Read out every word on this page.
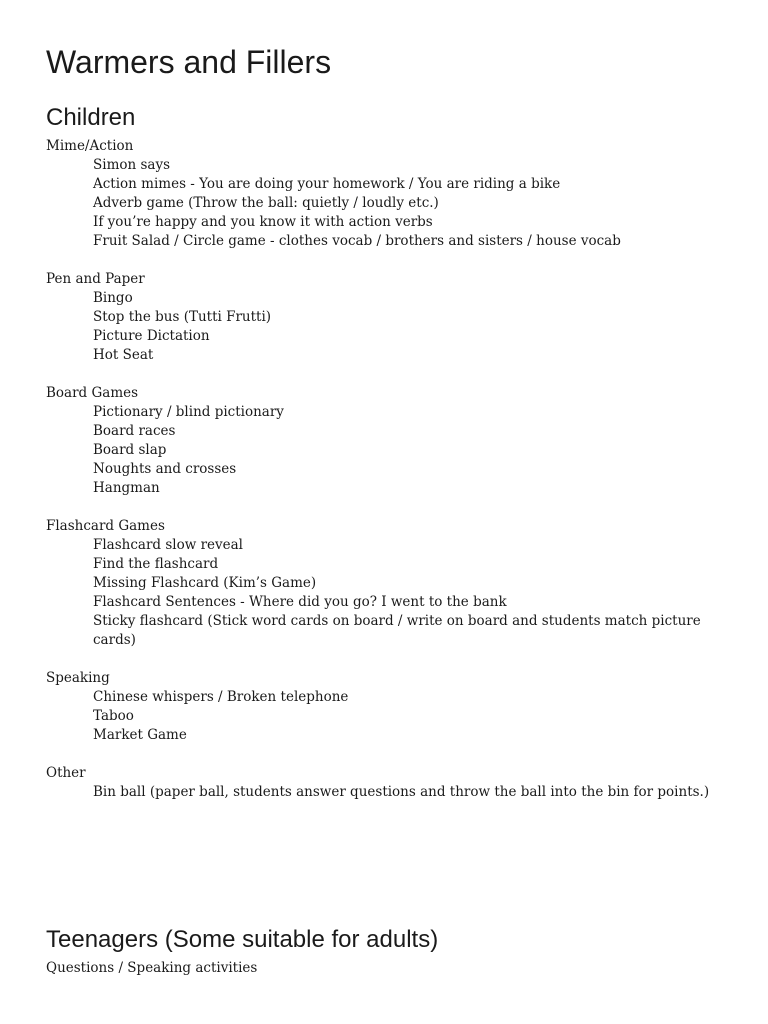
Warmers and Fillers
Children
Mime/Action
Simon says
Action mimes - You are doing your homework / You are riding a bike
Adverb game (Throw the ball: quietly / loudly etc.)
If you’re happy and you know it with action verbs
Fruit Salad / Circle game - clothes vocab / brothers and sisters / house vocab
Pen and Paper
Bingo
Stop the bus (Tutti Frutti)
Picture Dictation
Hot Seat
Board Games
Pictionary / blind pictionary
Board races
Board slap
Noughts and crosses
Hangman
Flashcard Games
Flashcard slow reveal
Find the flashcard
Missing Flashcard (Kim’s Game)
Flashcard Sentences - Where did you go? I went to the bank
Sticky flashcard (Stick word cards on board / write on board and students match picture cards)
Speaking
Chinese whispers / Broken telephone
Taboo
Market Game
Other
Bin ball (paper ball, students answer questions and throw the ball into the bin for points.)
Teenagers (Some suitable for adults)
Questions / Speaking activities
